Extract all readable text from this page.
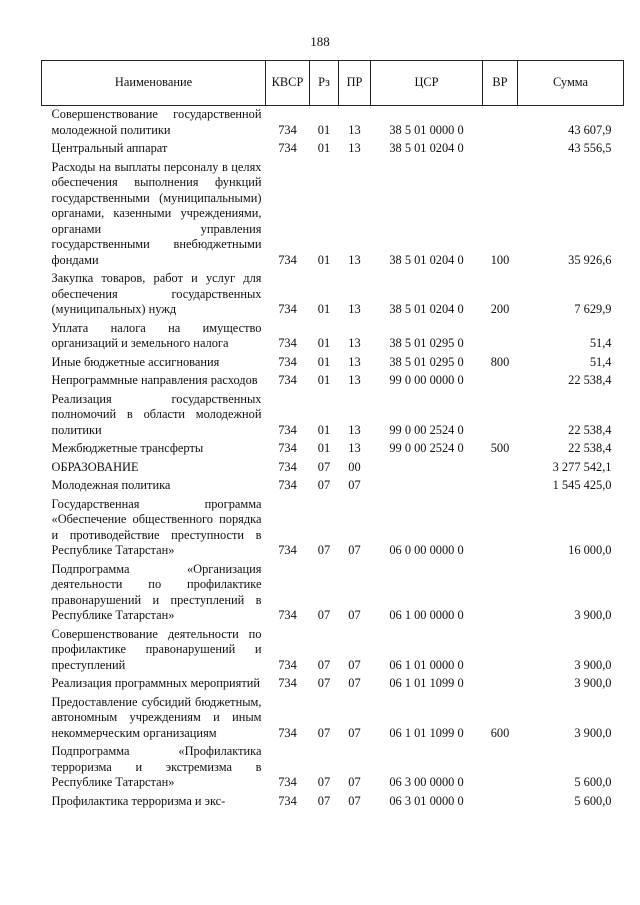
188
Наименование	КВСР	Рз	ПР	ЦСР	ВР	Сумма
Совершенствование государственной молодежной политики	734	01	13	38 5 01 0000 0		43 607,9
Центральный аппарат	734	01	13	38 5 01 0204 0		43 556,5
Расходы на выплаты персоналу в целях обеспечения выполнения функций государственными (муниципальными) органами, казенными учреждениями, органами управления государственными внебюджетными фондами	734	01	13	38 5 01 0204 0	100	35 926,6
Закупка товаров, работ и услуг для обеспечения государственных (муниципальных) нужд	734	01	13	38 5 01 0204 0	200	7 629,9
Уплата налога на имущество организаций и земельного налога	734	01	13	38 5 01 0295 0		51,4
Иные бюджетные ассигнования	734	01	13	38 5 01 0295 0	800	51,4
Непрограммные направления расходов	734	01	13	99 0 00 0000 0		22 538,4
Реализация государственных полномочий в области молодежной политики	734	01	13	99 0 00 2524 0		22 538,4
Межбюджетные трансферты	734	01	13	99 0 00 2524 0	500	22 538,4
ОБРАЗОВАНИЕ	734	07	00			3 277 542,1
Молодежная политика	734	07	07			1 545 425,0
Государственная программа «Обеспечение общественного порядка и противодействие преступности в Республике Татарстан»	734	07	07	06 0 00 0000 0		16 000,0
Подпрограмма «Организация деятельности по профилактике правонарушений и преступлений в Республике Татарстан»	734	07	07	06 1 00 0000 0		3 900,0
Совершенствование деятельности по профилактике правонарушений и преступлений	734	07	07	06 1 01 0000 0		3 900,0
Реализация программных мероприятий	734	07	07	06 1 01 1099 0		3 900,0
Предоставление субсидий бюджетным, автономным учреждениям и иным некоммерческим организациям	734	07	07	06 1 01 1099 0	600	3 900,0
Подпрограмма «Профилактика терроризма и экстремизма в Республике Татарстан»	734	07	07	06 3 00 0000 0		5 600,0
Профилактика терроризма и экс-	734	07	07	06 3 01 0000 0		5 600,0
